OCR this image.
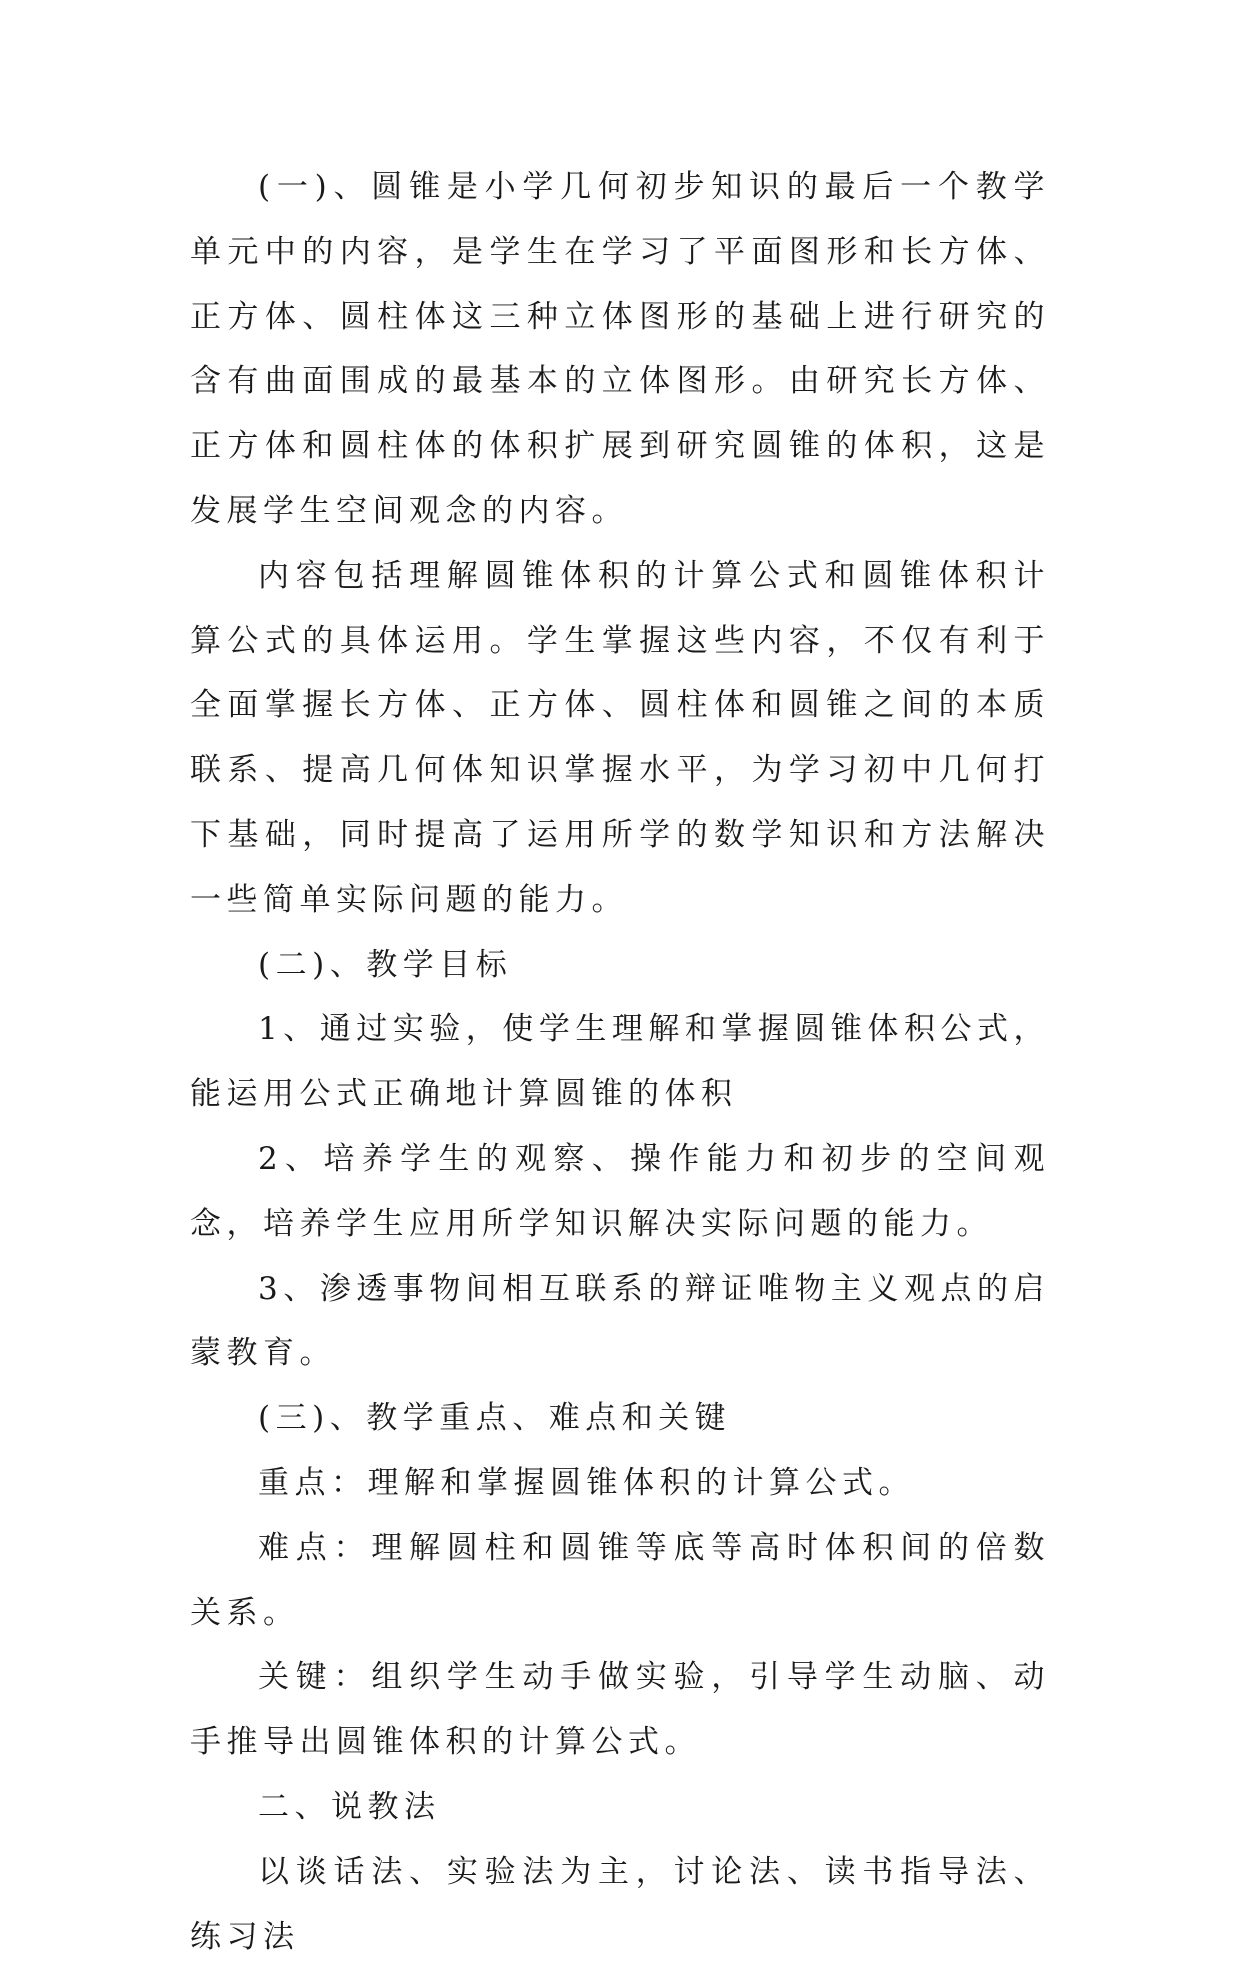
(一)、圆锥是小学几何初步知识的最后一个教学单元中的内容，是学生在学习了平面图形和长方体、正方体、圆柱体这三种立体图形的基础上进行研究的含有曲面围成的最基本的立体图形。由研究长方体、正方体和圆柱体的体积扩展到研究圆锥的体积，这是发展学生空间观念的内容。

内容包括理解圆锥体积的计算公式和圆锥体积计算公式的具体运用。学生掌握这些内容，不仅有利于全面掌握长方体、正方体、圆柱体和圆锥之间的本质联系、提高几何体知识掌握水平，为学习初中几何打下基础，同时提高了运用所学的数学知识和方法解决一些简单实际问题的能力。

(二)、教学目标

1、通过实验，使学生理解和掌握圆锥体积公式，能运用公式正确地计算圆锥的体积

2、培养学生的观察、操作能力和初步的空间观念，培养学生应用所学知识解决实际问题的能力。

3、渗透事物间相互联系的辩证唯物主义观点的启蒙教育。

(三)、教学重点、难点和关键

重点：理解和掌握圆锥体积的计算公式。

难点：理解圆柱和圆锥等底等高时体积间的倍数关系。

关键：组织学生动手做实验，引导学生动脑、动手推导出圆锥体积的计算公式。

二、说教法

以谈话法、实验法为主，讨论法、读书指导法、练习法
